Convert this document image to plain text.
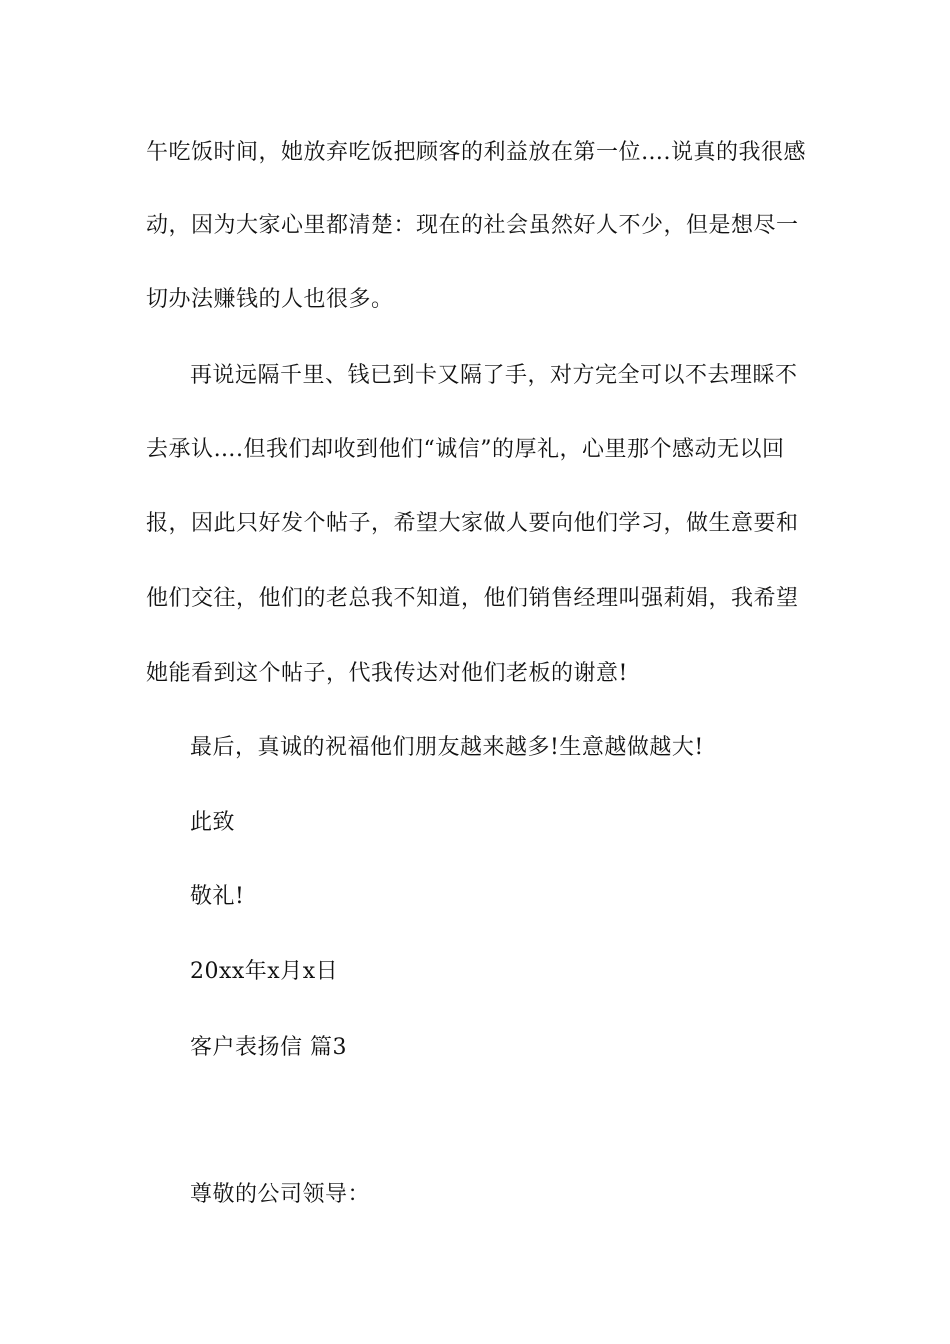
午吃饭时间，她放弃吃饭把顾客的利益放在第一位….说真的我很感
动，因为大家心里都清楚：现在的社会虽然好人不少，但是想尽一
切办法赚钱的人也很多。
再说远隔千里、钱已到卡又隔了手，对方完全可以不去理睬不
去承认….但我们却收到他们“诚信”的厚礼，心里那个感动无以回
报，因此只好发个帖子，希望大家做人要向他们学习，做生意要和
他们交往，他们的老总我不知道，他们销售经理叫强莉娟，我希望
她能看到这个帖子，代我传达对他们老板的谢意!
最后，真诚的祝福他们朋友越来越多!生意越做越大!
此致
敬礼!
20xx年x月x日
客户表扬信 篇3
尊敬的公司领导：
